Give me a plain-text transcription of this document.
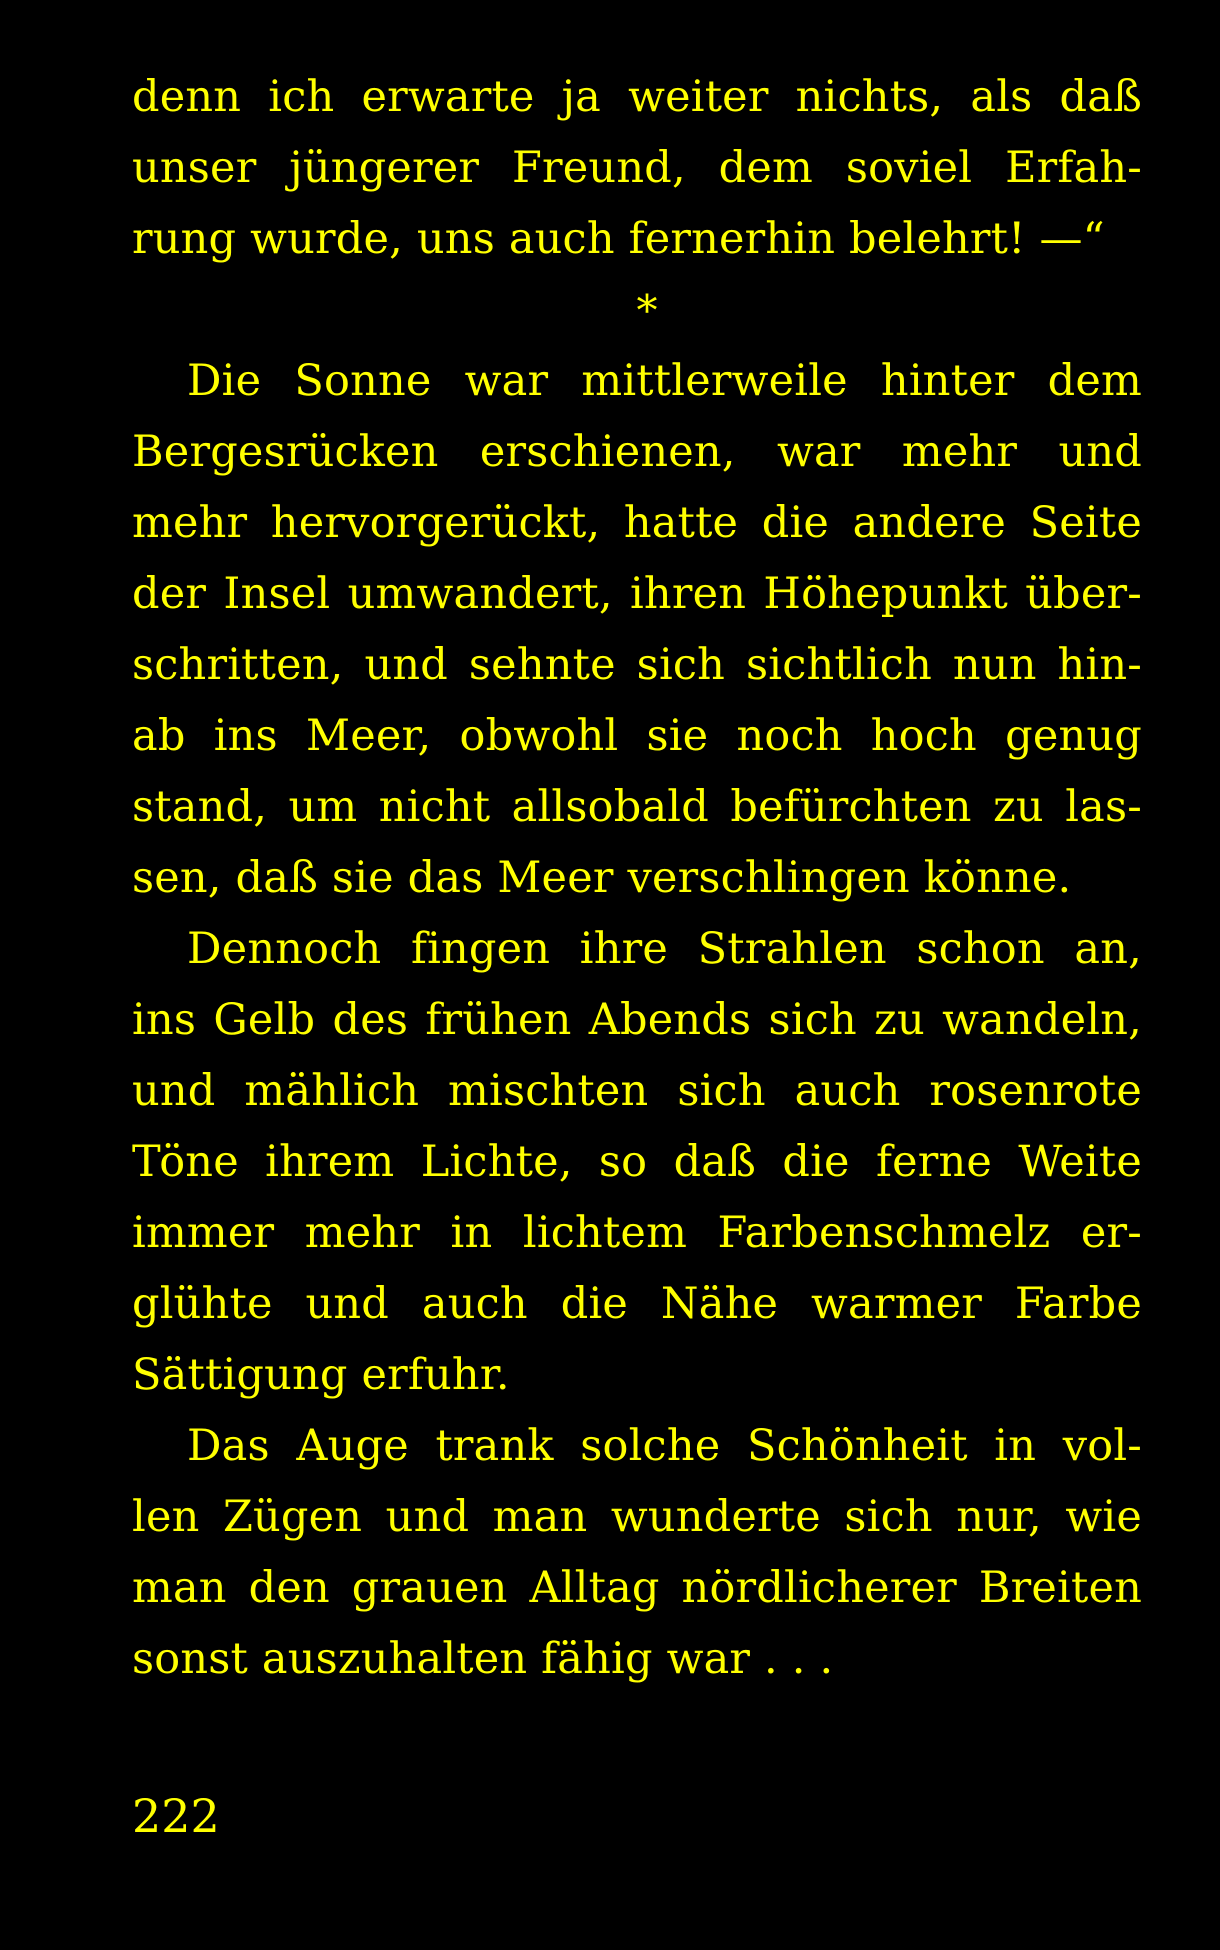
denn ich erwarte ja weiter nichts, als daß
unser jüngerer Freund, dem soviel Erfah-
rung wurde, uns auch fernerhin belehrt! —“
*
Die Sonne war mittlerweile hinter dem
Bergesrücken erschienen, war mehr und
mehr hervorgerückt, hatte die andere Seite
der Insel umwandert, ihren Höhepunkt über-
schritten, und sehnte sich sichtlich nun hin-
ab ins Meer, obwohl sie noch hoch genug
stand, um nicht allsobald befürchten zu las-
sen, daß sie das Meer verschlingen könne.
Dennoch fingen ihre Strahlen schon an,
ins Gelb des frühen Abends sich zu wandeln,
und mählich mischten sich auch rosenrote
Töne ihrem Lichte, so daß die ferne Weite
immer mehr in lichtem Farbenschmelz er-
glühte und auch die Nähe warmer Farbe
Sättigung erfuhr.
Das Auge trank solche Schönheit in vol-
len Zügen und man wunderte sich nur, wie
man den grauen Alltag nördlicherer Breiten
sonst auszuhalten fähig war . . .
222
